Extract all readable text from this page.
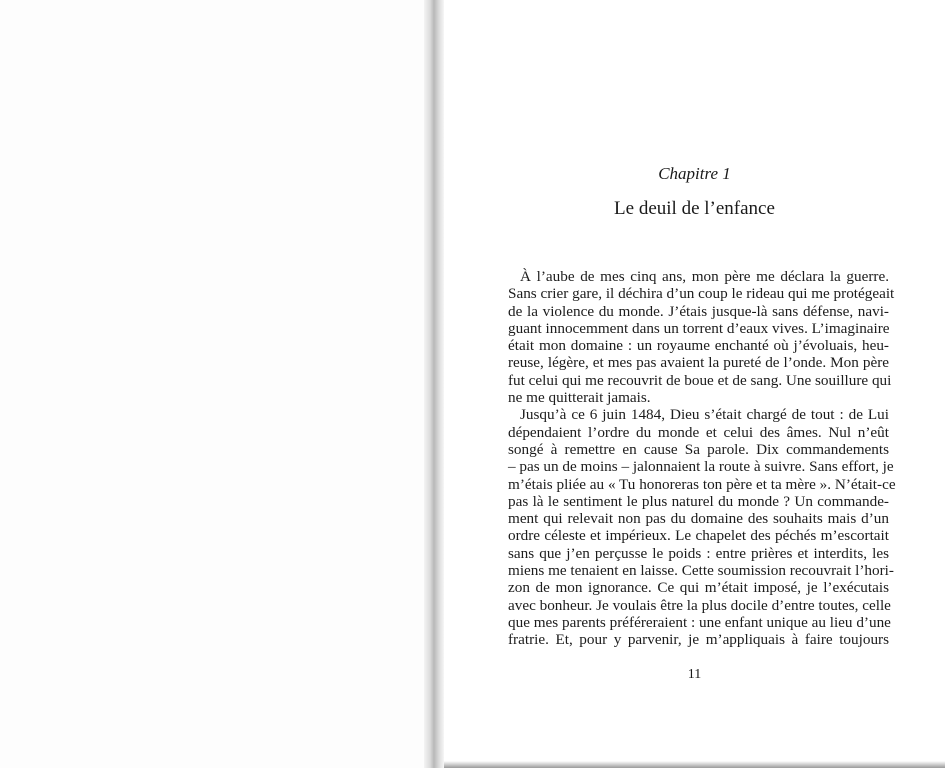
Chapitre 1
Le deuil de l’enfance
À l’aube de mes cinq ans, mon père me déclara la guerre.
Sans crier gare, il déchira d’un coup le rideau qui me protégeait
de la violence du monde. J’étais jusque-là sans défense, navi-
guant innocemment dans un torrent d’eaux vives. L’imaginaire
était mon domaine : un royaume enchanté où j’évoluais, heu-
reuse, légère, et mes pas avaient la pureté de l’onde. Mon père
fut celui qui me recouvrit de boue et de sang. Une souillure qui
ne me quitterait jamais.
Jusqu’à ce 6 juin 1484, Dieu s’était chargé de tout : de Lui
dépendaient l’ordre du monde et celui des âmes. Nul n’eût
songé à remettre en cause Sa parole. Dix commandements
– pas un de moins – jalonnaient la route à suivre. Sans effort, je
m’étais pliée au « Tu honoreras ton père et ta mère ». N’était-ce
pas là le sentiment le plus naturel du monde ? Un commande-
ment qui relevait non pas du domaine des souhaits mais d’un
ordre céleste et impérieux. Le chapelet des péchés m’escortait
sans que j’en perçusse le poids : entre prières et interdits, les
miens me tenaient en laisse. Cette soumission recouvrait l’hori-
zon de mon ignorance. Ce qui m’était imposé, je l’exécutais
avec bonheur. Je voulais être la plus docile d’entre toutes, celle
que mes parents préféreraient : une enfant unique au lieu d’une
fratrie. Et, pour y parvenir, je m’appliquais à faire toujours
11
